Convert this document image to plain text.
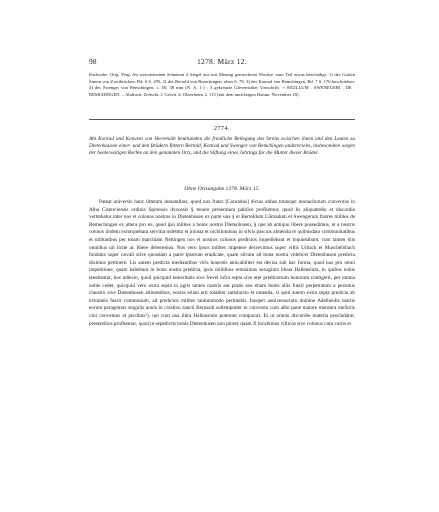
98	1278. März 12.

Karlsruhe. Orig. Perg. An weissleinenen Schnüren 4 Siegel aus mit Mennig gemischtem Wachse, zum Teil etwas beschädigt: 1) des Grafen Simon von Zweibrücken, Bd. 6 S. 295, 2) des Bertold von Remchingen, oben S. 79, 3) des Konrad von Remchingen, Bd. 7 S. 176 beschrieben; 4) des Swenger von Remchingen, c. 50, 38 mm (N. A. 1:) : 3 gekreuzte Glevenstäbe; Umschrift: + SIGILLUM . SWENEGERI . DE . REMCHINGEN. – Abdruck: Zeitschr. f. Gesch. d. Oberrheins 2, 115 (mit dem unrichtigen Datum: November 29).

2774.

Abt Konrad und Konvent von Herrenalb beurkunden die friedliche Beilegung des Streits zwischen ihnen und den Leuten zu Dietenhausen einer- und den Brüdern Rittern Bertold, Konrad und Swenger von Remchingen andererseits, insbesondere wegen der beiderseitigen Rechte an den genannten Orts, und die Stiftung eines Jahrtags für die Mutter dieser Brüder.

Ohne Ortsangabe 1278. März 12.

Pateat universis hanc litteram intuentibus, quod nos frater [Conradus] dictus abbas totusque monachorum conventus in Alba Cisterciensis ordinis Spirensis dyocesis § tenore presentium publice profitemur, quod lis aliquamdiu et discordia verttebatur inter nos et colonos nostros in Dietenhusen ex parte una § et Bertoldum Cûnradum et Swengerum fratres milites de Remechingen ex altera pro eo, quod ipsi milites a bonis nostris Dietenhusen, § que ab antiquo libere possedimus, et a nostris colonis ibidem extorquebant servitia indebita et iniusta et nichilominus in silvis pascuis almenda et quibusdam communitatibus et utilitatibus per totam marchiam Nettingen nos et nostros colonos predictos impediebant et inquietabant, cum tamen hiis omnibus uti licite ac libere deberemus. Nos vero ipsos milites impetere decrevimus super villis Urbach et Muschelnbach fundatis super novali silve quosdam a patre ipsorum eradicate, quam silvam ad bona nostra videlicet Dietenhusen predicta diximus pertinere. Lis autem predicta mediantibus viris honestis amicabiliter est decisa sub hac forma, quod nos pro omni impetitione, quam habebant in bona nostra predicta, ipsis militibus remisimus sexaginta libras Hallensium, in quibus nobis tenebantur, hoc adiecto, quod quicquid temeritatis sive frevel infra septa sive eter predictorum bonorum contigerit, per omnia nobis cedet, quicquid vero extra septa in agris tamen nostris aut pratis seu etiam bonis aliis fuerit perpetratum a personis claustro sive Dietenhusen attinentibus, nostra etiam erit totaliter satisfactio et emenda, si quid autem extra septa predicta ab extraneis fuerit commissum, ad predictos milites tantummodo pertinebit. Insuper anniversarium domine Adelheidis matris eorum peragemus singulis annis in crastino sancti Bernardi sollempniter in conventu cum albo pane maiore mensura melloris vini conventus et piscibus¹), qui cum una libra Hallensium poterunt comparari. Et ut omnis discordie materia precludatur, presentibus profitemur, quod in sepedictis bonis Dietenhusen non plures quam X locabimus villicos sive colonos cum curtis et
